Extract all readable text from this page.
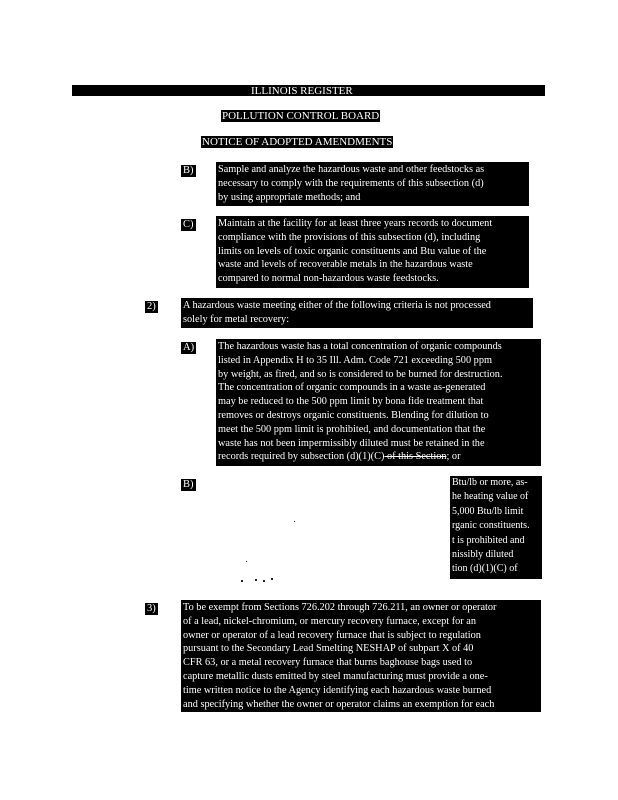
ILLINOIS REGISTER
POLLUTION CONTROL BOARD
NOTICE OF ADOPTED AMENDMENTS
B) Sample and analyze the hazardous waste and other feedstocks as
necessary to comply with the requirements of this subsection (d)
by using appropriate methods; and
C) Maintain at the facility for at least three years records to document
compliance with the provisions of this subsection (d), including
limits on levels of toxic organic constituents and Btu value of the
waste and levels of recoverable metals in the hazardous waste
compared to normal non-hazardous waste feedstocks.
2)	A hazardous waste meeting either of the following criteria is not processed
solely for metal recovery:
A) The hazardous waste has a total concentration of organic compounds
listed in Appendix H to 35 Ill. Adm. Code 721 exceeding 500 ppm
by weight, as fired, and so is considered to be burned for destruction.
The concentration of organic compounds in a waste as-generated
may be reduced to the 500 ppm limit by bona fide treatment that
removes or destroys organic constituents. Blending for dilution to
meet the 500 ppm limit is prohibited, and documentation that the
waste has not been impermissibly diluted must be retained in the
records required by subsection (d)(1)(C) of this Section; or
B)	Btu/lb or more, as-
he heating value of
5,000 Btu/lb limit
rganic constituents.
t is prohibited and
nissibly diluted
tion (d)(1)(C) of
3)	To be exempt from Sections 726.202 through 726.211, an owner or operator
of a lead, nickel-chromium, or mercury recovery furnace, except for an
owner or operator of a lead recovery furnace that is subject to regulation
pursuant to the Secondary Lead Smelting NESHAP of subpart X of 40
CFR 63, or a metal recovery furnace that burns baghouse bags used to
capture metallic dusts emitted by steel manufacturing must provide a one-
time written notice to the Agency identifying each hazardous waste burned
and specifying whether the owner or operator claims an exemption for each
